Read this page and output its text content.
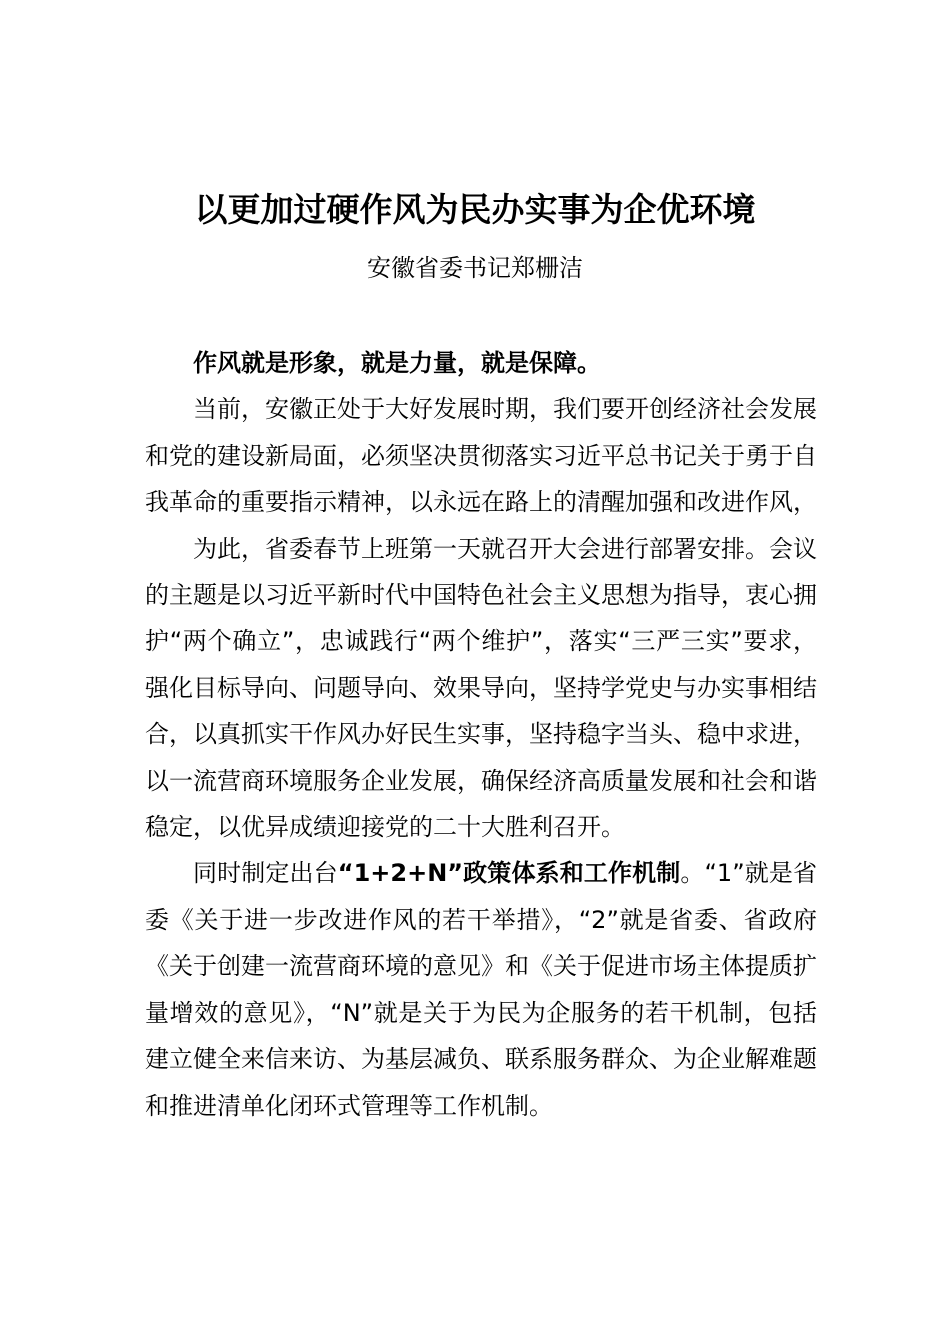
以更加过硬作风为民办实事为企优环境
安徽省委书记郑栅洁

作风就是形象，就是力量，就是保障。

当前，安徽正处于大好发展时期，我们要开创经济社会发展和党的建设新局面，必须坚决贯彻落实习近平总书记关于勇于自我革命的重要指示精神，以永远在路上的清醒加强和改进作风，

为此，省委春节上班第一天就召开大会进行部署安排。会议的主题是以习近平新时代中国特色社会主义思想为指导，衷心拥护“两个确立”，忠诚践行“两个维护”，落实“三严三实”要求，强化目标导向、问题导向、效果导向，坚持学党史与办实事相结合，以真抓实干作风办好民生实事，坚持稳字当头、稳中求进，以一流营商环境服务企业发展，确保经济高质量发展和社会和谐稳定，以优异成绩迎接党的二十大胜利召开。

同时制定出台“1+2+N”政策体系和工作机制。“1”就是省委《关于进一步改进作风的若干举措》，“2”就是省委、省政府《关于创建一流营商环境的意见》和《关于促进市场主体提质扩量增效的意见》，“N”就是关于为民为企服务的若干机制，包括建立健全来信来访、为基层减负、联系服务群众、为企业解难题和推进清单化闭环式管理等工作机制。
